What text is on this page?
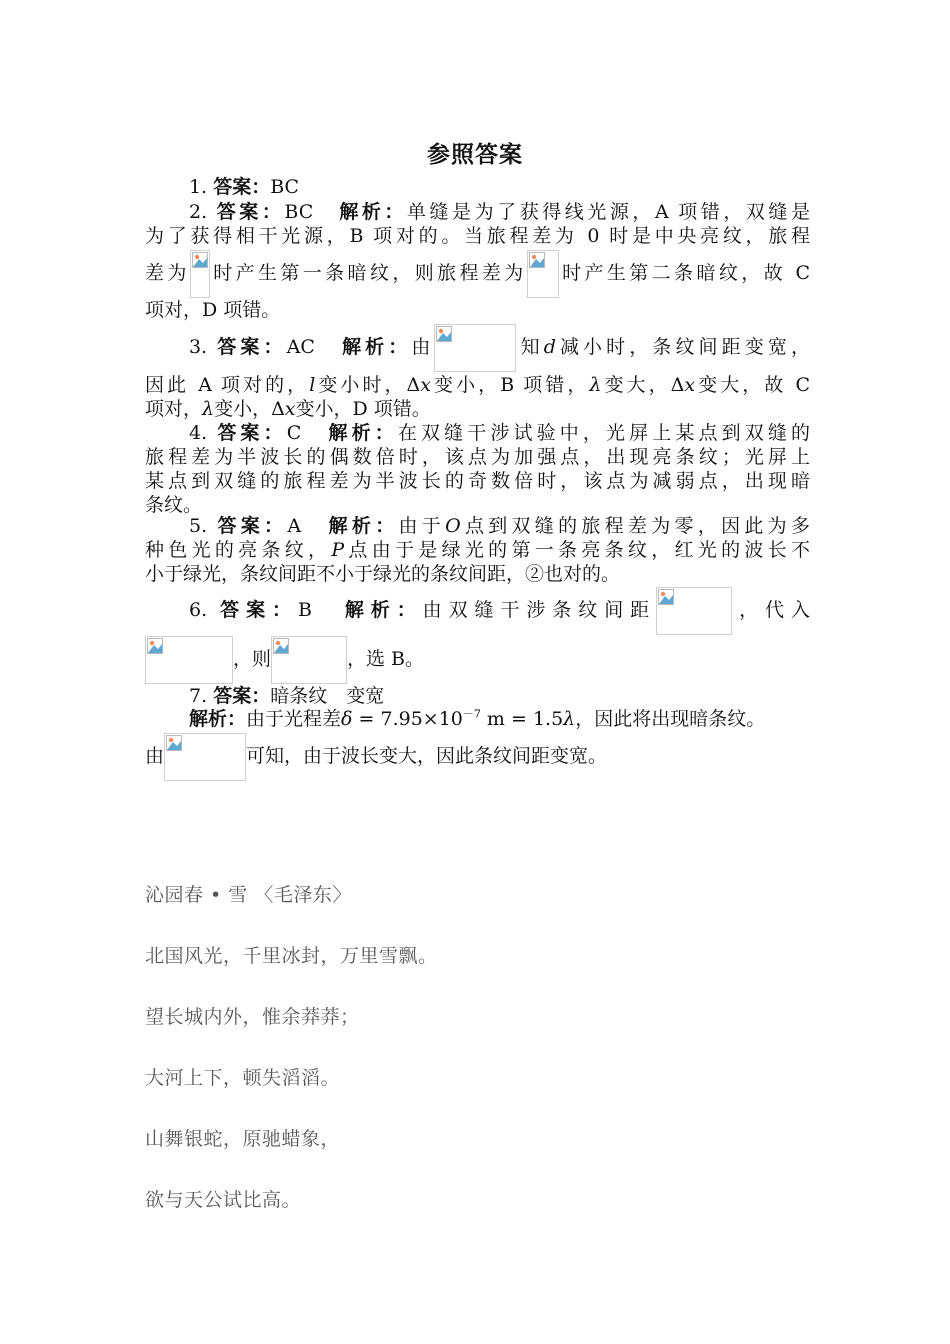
参照答案
1. 答案：BC
2. 答案：BC　 解析：单缝是为了获得线光源，A 项错，双缝是
为了获得相干光源，B 项对的。当旅程差为 0 时是中央亮纹，旅程
差为 时产生第一条暗纹，则旅程差为 时产生第二条暗纹，故 C
项对，D 项错。
3. 答案：AC　 解析：由	知d减小时，条纹间距变宽，
因此 A 项对的，l变小时，Δx变小，B 项错，λ变大，Δx变大，故 C
项对，λ变小，Δx变小，D 项错。
4. 答案：C　 解析：在双缝干涉试验中，光屏上某点到双缝的
旅程差为半波长的偶数倍时，该点为加强点，出现亮条纹；光屏上
某点到双缝的旅程差为半波长的奇数倍时，该点为减弱点，出现暗
条纹。
5. 答案：A　 解析：由于O点到双缝的旅程差为零，因此为多
种色光的亮条纹，P点由于是绿光的第一条亮条纹，红光的波长不
小于绿光，条纹间距不小于绿光的条纹间距，②也对的。
6. 答案：B　 解析：由双缝干涉条纹间距	，代入
，则	，选 B。
7. 答案：暗条纹　变宽
解析：由于光程差$\delta = 7.95\times 10^{-7}$ m = 1.5λ，因此将出现暗条纹。
由	可知，由于波长变大，因此条纹间距变宽。
沁园春 • 雪 〈毛泽东〉
北国风光，千里冰封，万里雪飘。
望长城内外，惟余莽莽；
大河上下，顿失滔滔。
山舞银蛇，原驰蜡象，
欲与天公试比高。
